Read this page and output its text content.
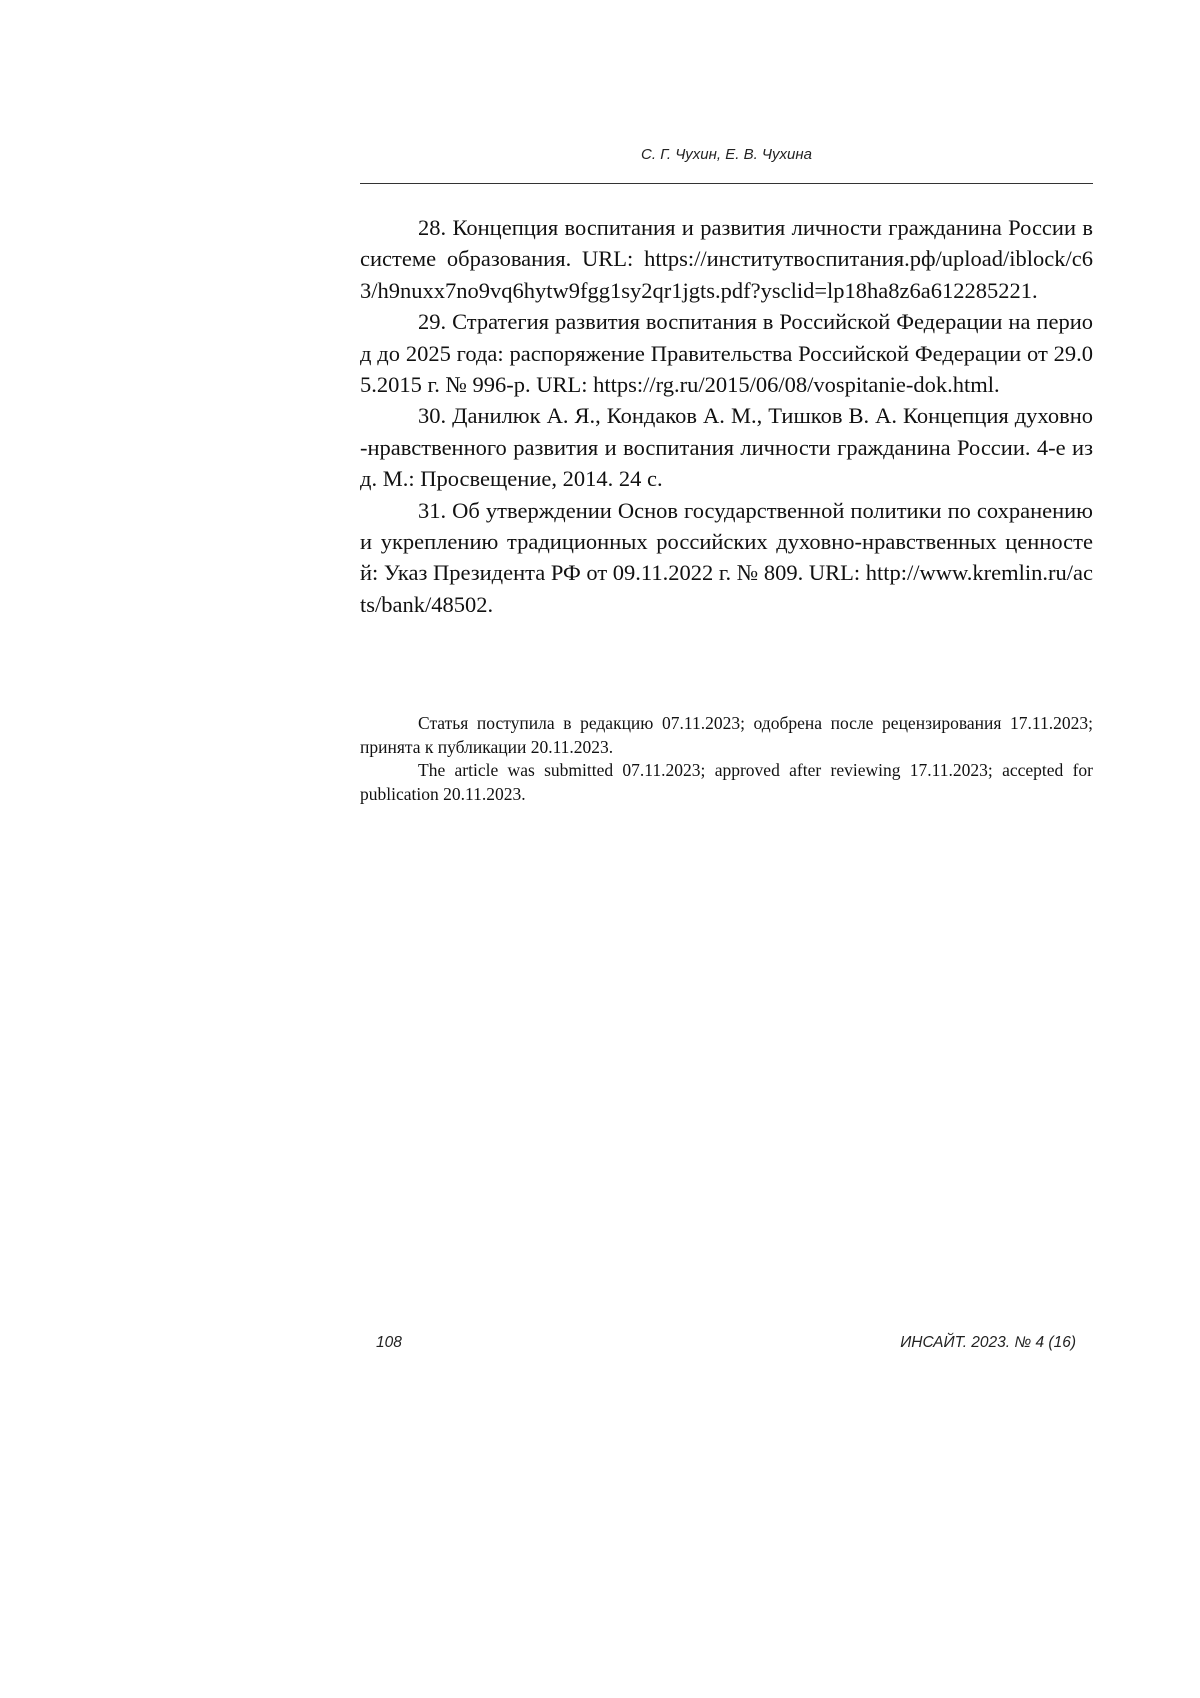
С. Г. Чухин, Е. В. Чухина

28. Концепция воспитания и развития личности гражданина России в системе образования. URL: https://институтвоспитания.рф/upload/iblock/c63/h9nuxx7no9vq6hytw9fgg1sy2qr1jgts.pdf?ysclid=lp18ha8z6a612285221.

29. Стратегия развития воспитания в Российской Федерации на период до 2025 года: распоряжение Правительства Российской Федерации от 29.05.2015 г. № 996-р. URL: https://rg.ru/2015/06/08/vospitanie-dok.html.

30. Данилюк А. Я., Кондаков А. М., Тишков В. А. Концепция духовно-нравственного развития и воспитания личности гражданина России. 4-е изд. М.: Просвещение, 2014. 24 с.

31. Об утверждении Основ государственной политики по сохранению и укреплению традиционных российских духовно-нравственных ценностей: Указ Президента РФ от 09.11.2022 г. № 809. URL: http://www.kremlin.ru/acts/bank/48502.

Статья поступила в редакцию 07.11.2023; одобрена после рецензирования 17.11.2023; принята к публикации 20.11.2023.

The article was submitted 07.11.2023; approved after reviewing 17.11.2023; accepted for publication 20.11.2023.

108	ИНСАЙТ. 2023. № 4 (16)
